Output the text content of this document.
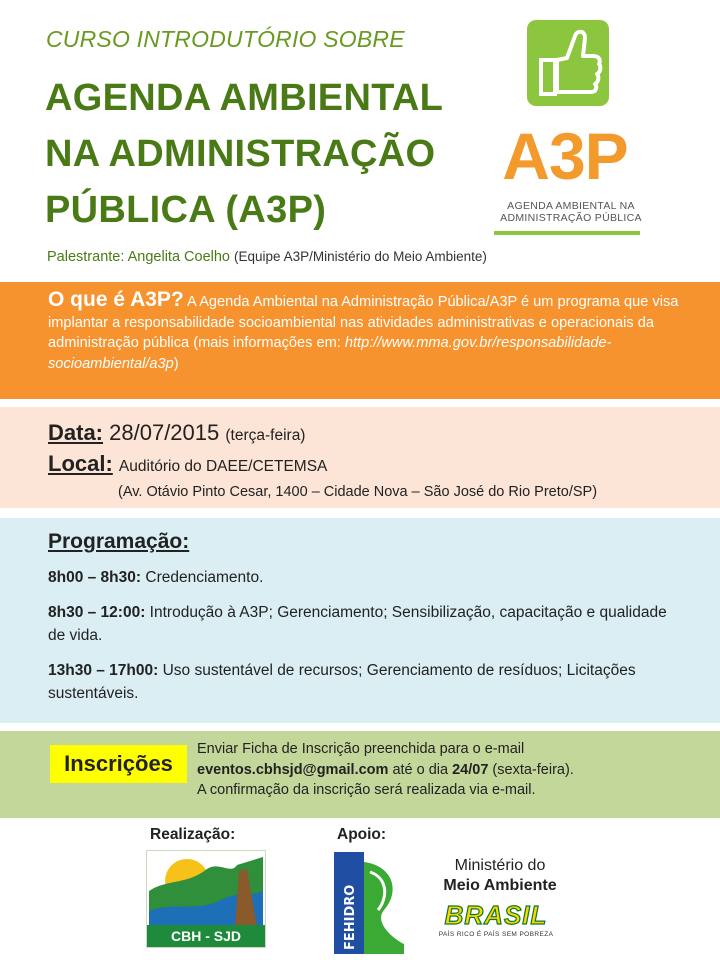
CURSO INTRODUTÓRIO SOBRE
AGENDA AMBIENTAL
NA ADMINISTRAÇÃO
PÚBLICA (A3P)
Palestrante: Angelita Coelho (Equipe A3P/Ministério do Meio Ambiente)
A3P
AGENDA AMBIENTAL NA
ADMINISTRAÇÃO PÚBLICA
O que é A3P? A Agenda Ambiental na Administração Pública/A3P é um programa que visa implantar a responsabilidade socioambiental nas atividades administrativas e operacionais da administração pública (mais informações em: http://www.mma.gov.br/responsabilidade-socioambiental/a3p)
Data: 28/07/2015 (terça-feira)
Local: Auditório do DAEE/CETEMSA
(Av. Otávio Pinto Cesar, 1400 – Cidade Nova – São José do Rio Preto/SP)
Programação:
8h00 – 8h30: Credenciamento.
8h30 – 12:00: Introdução à A3P; Gerenciamento; Sensibilização, capacitação e qualidade de vida.
13h30 – 17h00: Uso sustentável de recursos; Gerenciamento de resíduos; Licitações sustentáveis.
Inscrições
Enviar Ficha de Inscrição preenchida para o e-mail
eventos.cbhsjd@gmail.com até o dia 24/07 (sexta-feira).
A confirmação da inscrição será realizada via e-mail.
Realização:	Apoio:
CBH - SJD	FEHIDRO
Ministério do
Meio Ambiente
BRASIL
PAÍS RICO É PAÍS SEM POBREZA
